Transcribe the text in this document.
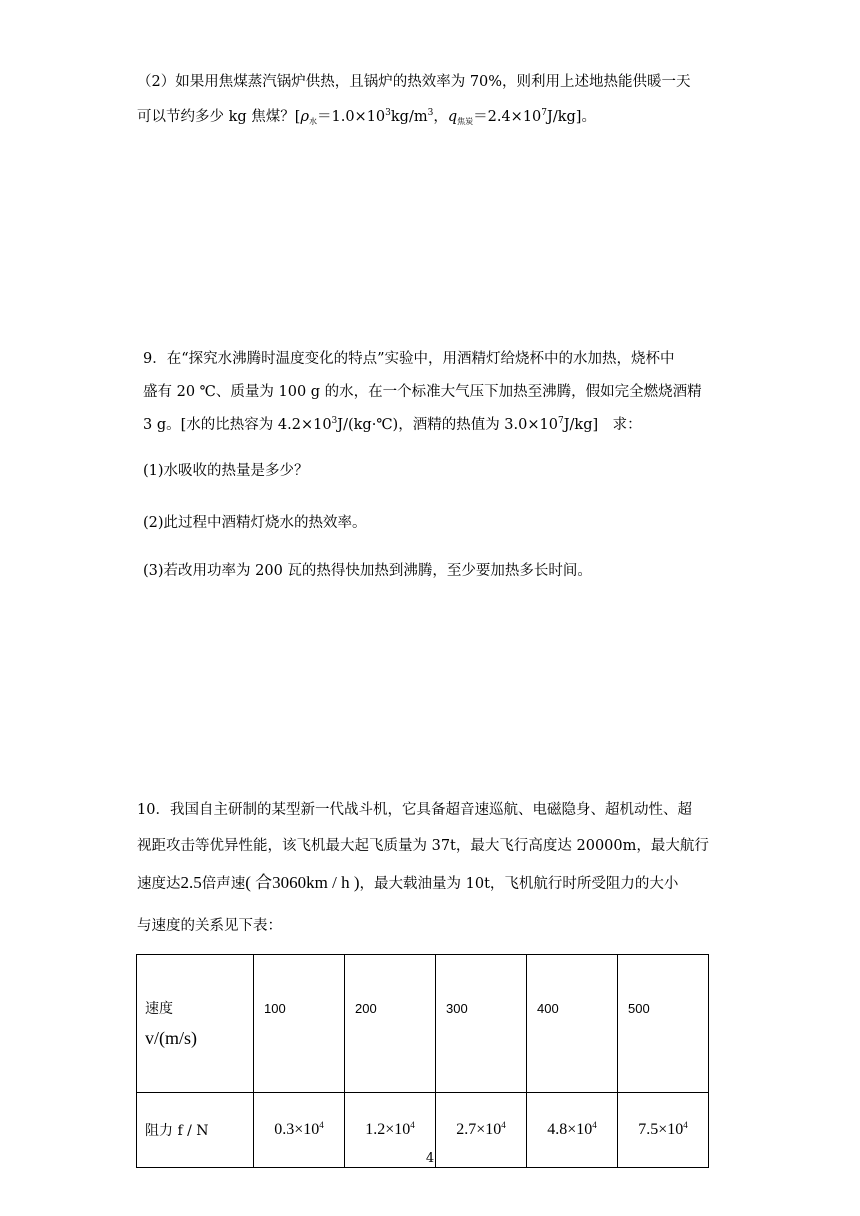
（2）如果用焦煤蒸汽锅炉供热，且锅炉的热效率为 70%，则利用上述地热能供暖一天
可以节约多少 kg 焦煤？[$\rho_水=1.0\times 10^3kg/m^3$，$q_{焦炭}=2.4\times 10^7J/kg$]。
9．在“探究水沸腾时温度变化的特点”实验中，用酒精灯给烧杯中的水加热，烧杯中
盛有 20 ℃、质量为 100 g 的水，在一个标准大气压下加热至沸腾，假如完全燃烧酒精
3 g。[水的比热容为 $4.2\times 10^3J/(kg\cdot℃)$，酒精的热值为 $3.0\times 10^7J/kg$]　求：
(1)水吸收的热量是多少？
(2)此过程中酒精灯烧水的热效率。
(3)若改用功率为 200 瓦的热得快加热到沸腾，至少要加热多长时间。
10．我国自主研制的某型新一代战斗机，它具备超音速巡航、电磁隐身、超机动性、超
视距攻击等优异性能，该飞机最大起飞质量为 37t，最大飞行高度达 20000m，最大航行
速度达2.5倍声速( 合3060km / h )，最大载油量为 10t，飞机航行时所受阻力的大小
与速度的关系见下表：
速度
v/(m/s)	100	200	300	400	500
阻力 f / N	$0.3\times 10^4$	$1.2\times 10^4$	$2.7\times 10^4$	$4.8\times 10^4$	$7.5\times 10^4$
4
